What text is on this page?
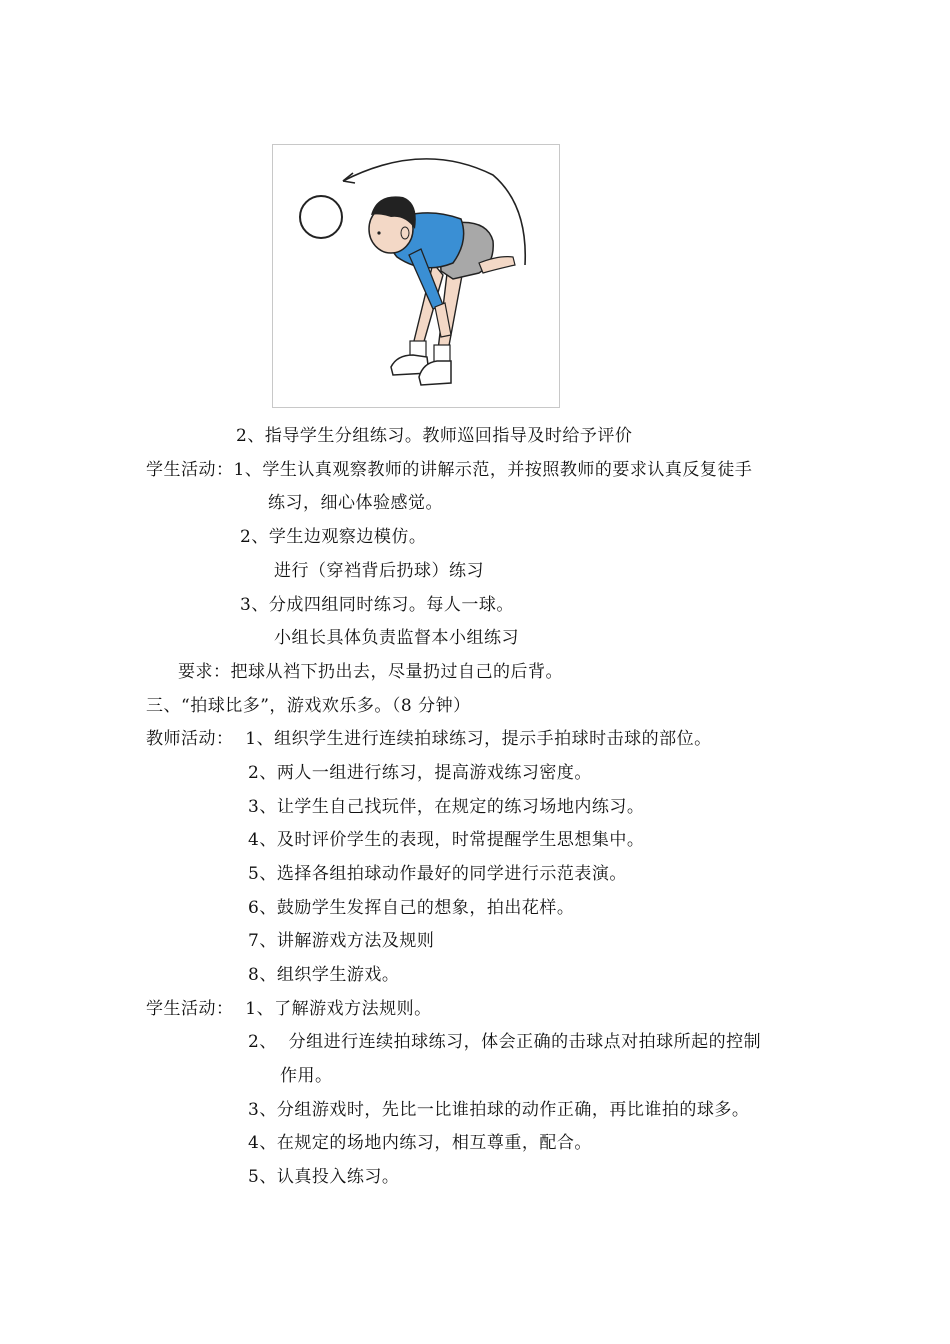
2、指导学生分组练习。教师巡回指导及时给予评价
学生活动：1、学生认真观察教师的讲解示范，并按照教师的要求认真反复徒手
练习，细心体验感觉。
2、学生边观察边模仿。
进行（穿裆背后扔球）练习
3、分成四组同时练习。每人一球。
小组长具体负责监督本小组练习
要求：把球从裆下扔出去，尽量扔过自己的后背。
三、“拍球比多”，游戏欢乐多。（8 分钟）
教师活动：  1、组织学生进行连续拍球练习，提示手拍球时击球的部位。
2、两人一组进行练习，提高游戏练习密度。
3、让学生自己找玩伴，在规定的练习场地内练习。
4、及时评价学生的表现，时常提醒学生思想集中。
5、选择各组拍球动作最好的同学进行示范表演。
6、鼓励学生发挥自己的想象，拍出花样。
7、讲解游戏方法及规则
8、组织学生游戏。
学生活动：  1、了解游戏方法规则。
2、  分组进行连续拍球练习，体会正确的击球点对拍球所起的控制
作用。
3、分组游戏时，先比一比谁拍球的动作正确，再比谁拍的球多。
4、在规定的场地内练习，相互尊重，配合。
5、认真投入练习。
